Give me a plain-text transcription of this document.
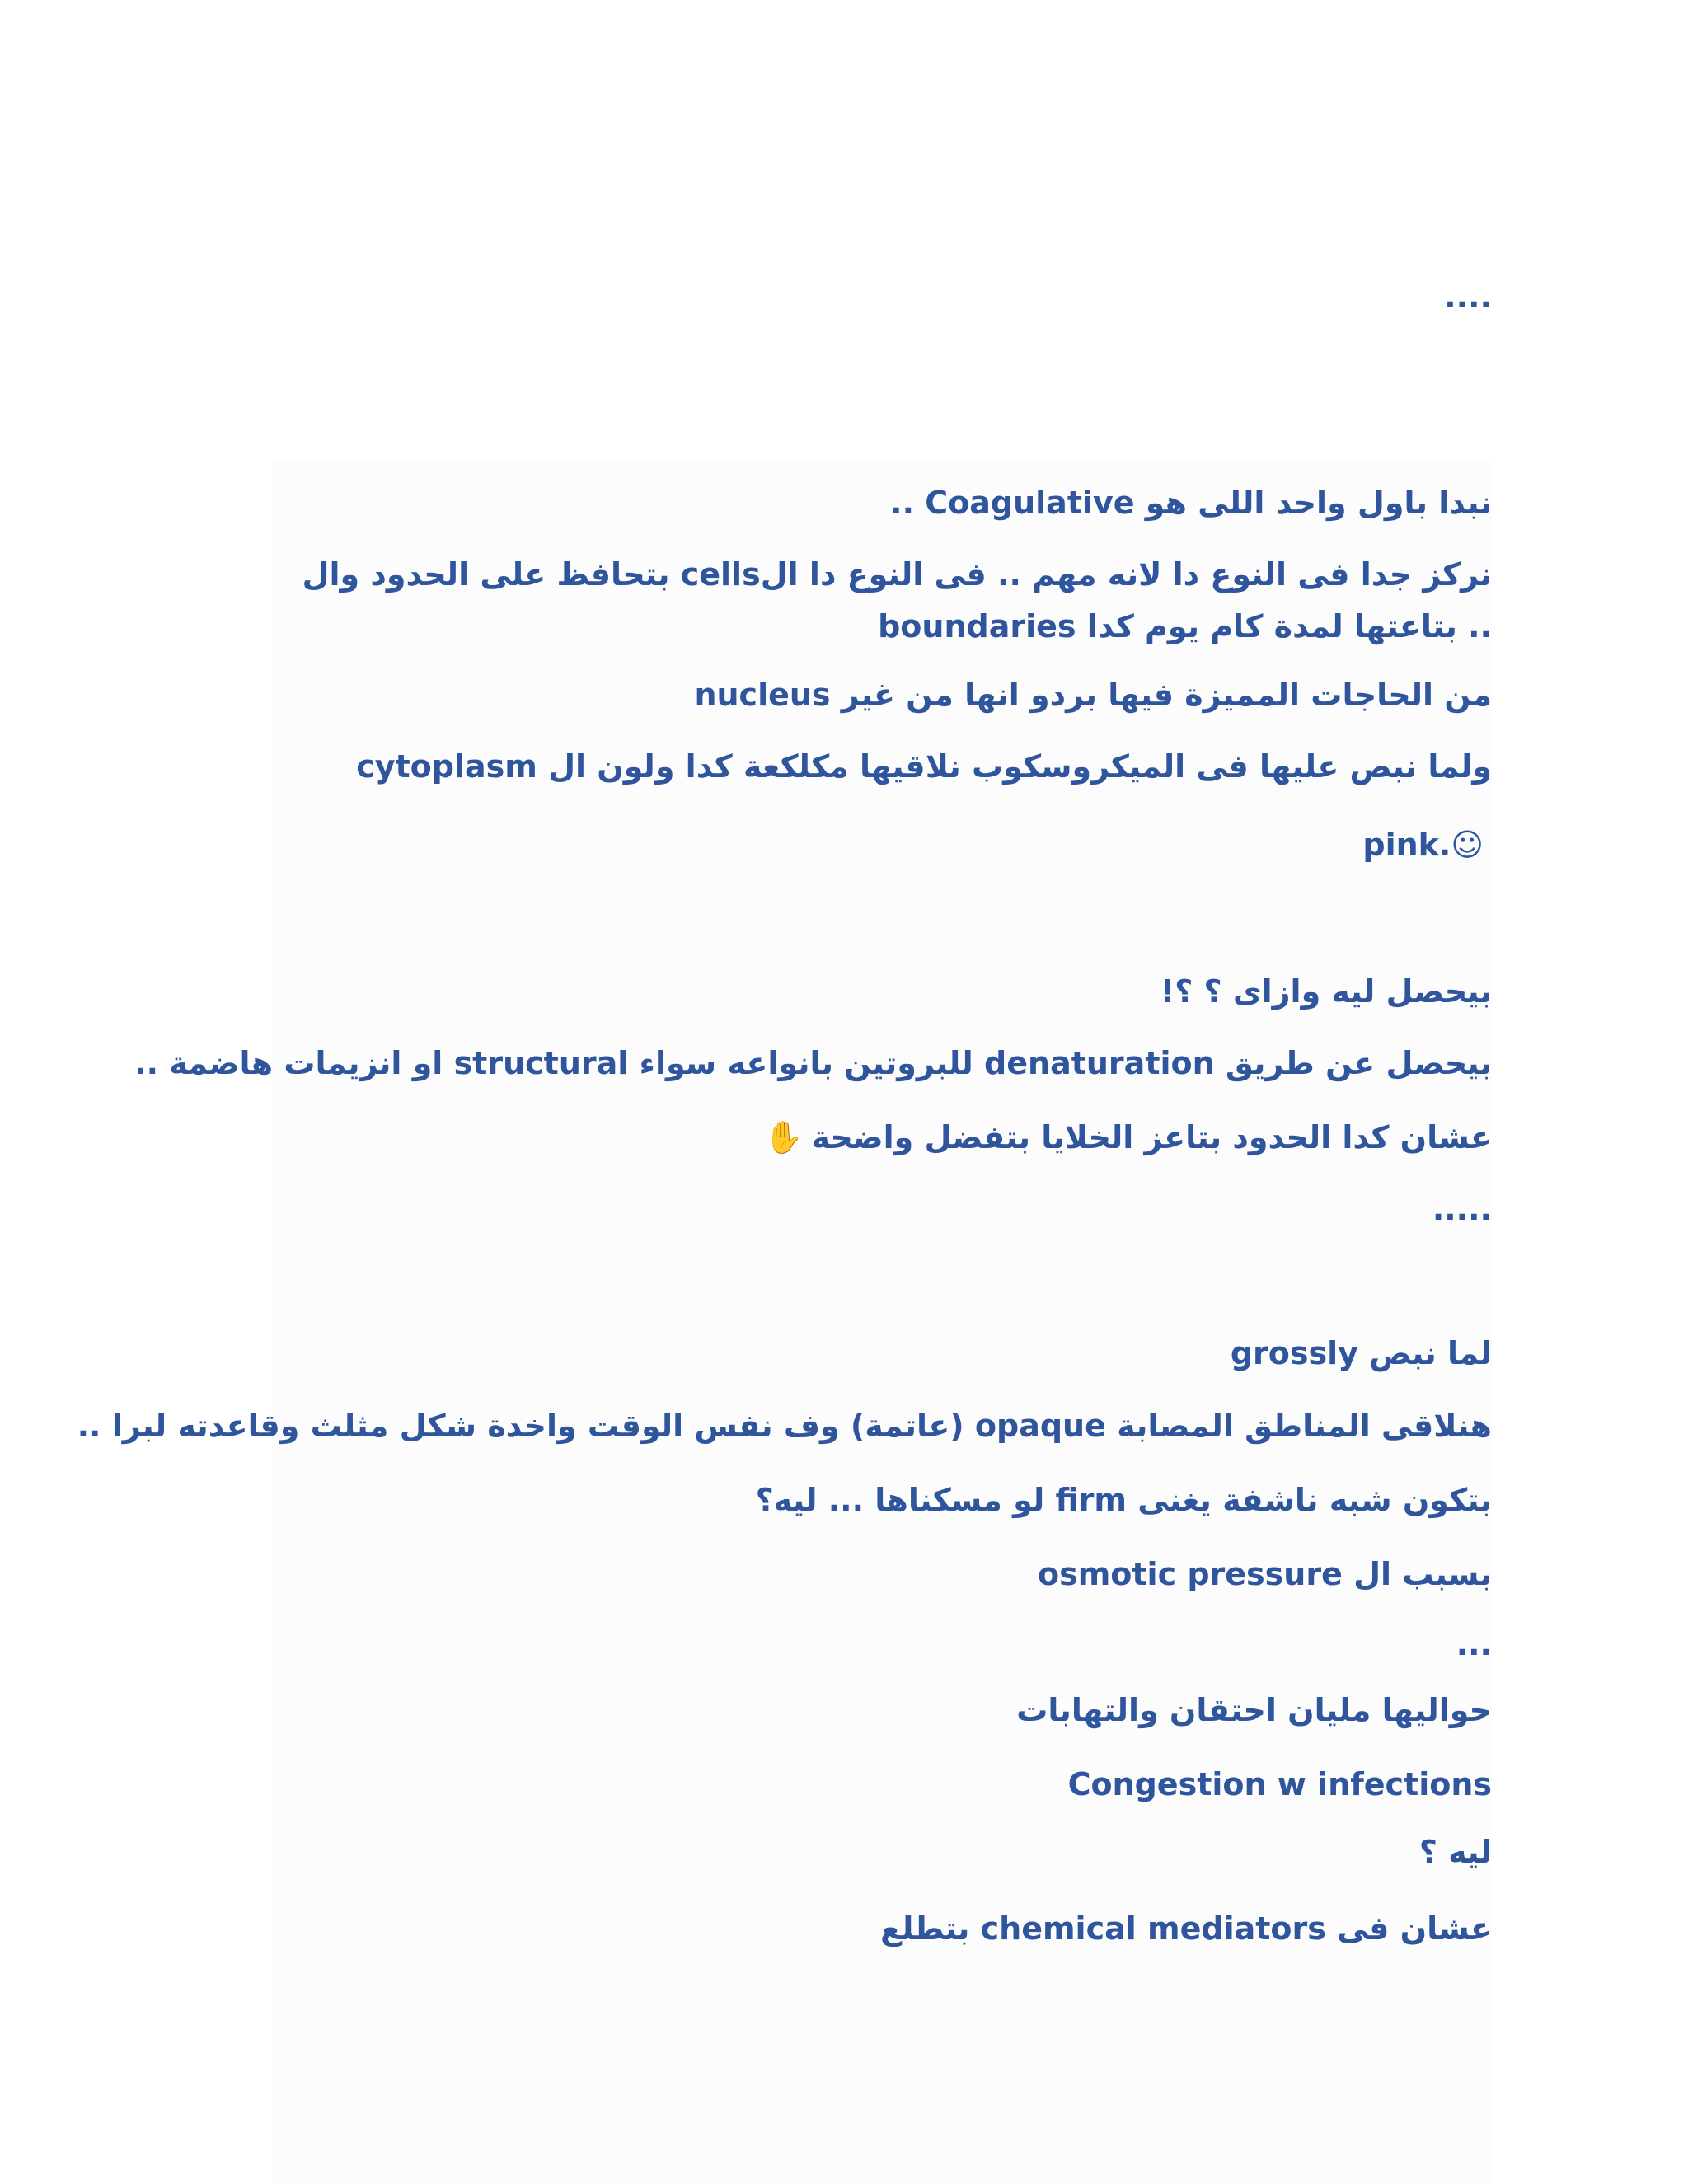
....
نبدا باول واحد اللى هو Coagulative ..
نركز جدا فى النوع دا لانه مهم .. فى النوع دا الcells بتحافظ على الحدود وال
boundaries بتاعتها لمدة كام يوم كدا ..
من الحاجات المميزة فيها بردو انها من غير nucleus
ولما نبص عليها فى الميكروسكوب نلاقيها مكلكعة كدا ولون ال cytoplasm
pink.☺
بيحصل ليه وازاى ؟ ؟!
بيحصل عن طريق denaturation للبروتين بانواعه سواء structural او انزيمات هاضمة ..
عشان كدا الحدود بتاعز الخلايا بتفضل واضحة✋
.....
لما نبص grossly
هنلاقى المناطق المصابة opaque (عاتمة) وف نفس الوقت واخدة شكل مثلث وقاعدته لبرا ..
بتكون شبه ناشفة يغنى firm لو مسكناها ... ليه؟
بسبب ال osmotic pressure
...
حواليها مليان احتقان والتهابات
Congestion w infections
ليه ؟
عشان فى chemical mediators بتطلع
